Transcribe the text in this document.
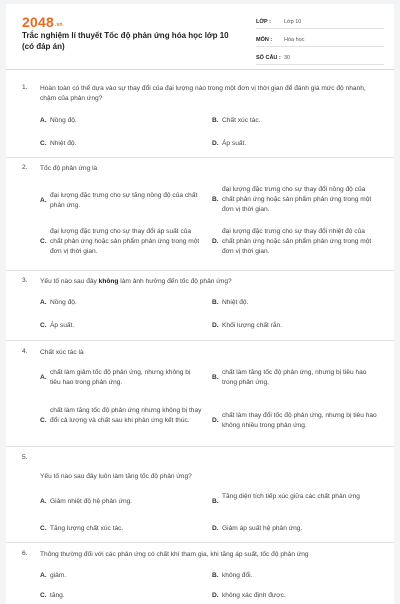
2048.vn
Trắc nghiệm lí thuyết Tốc độ phản ứng hóa học lớp 10 (có đáp án)
LỚP :	Lớp 10
MÔN :	Hóa học
SỐ CÂU : 30
1. Hoàn toàn có thể dựa vào sự thay đổi của đại lượng nào trong một đơn vị thời gian để đánh giá mức độ nhanh, chậm của phản ứng?
A. Nồng độ.	B. Chất xúc tác.
C. Nhiệt độ.	D. Áp suất.
2. Tốc độ phản ứng là
A.
đại lượng đặc trưng cho sự tăng nồng độ của chất phản ứng.
B.
đại lượng đặc trưng cho sự thay đổi nồng độ của chất phản ứng hoặc sản phẩm phản ứng trong một đơn vị thời gian.
C.
đại lượng đặc trưng cho sự thay đổi áp suất của chất phản ứng hoặc sản phẩm phản ứng trong một đơn vị thời gian.
D.
đại lượng đặc trưng cho sự thay đổi nhiệt độ của chất phản ứng hoặc sản phẩm phản ứng trong một đơn vị thời gian.
3. Yếu tố nào sau đây không làm ảnh hưởng đến tốc độ phản ứng?
A. Nồng độ.	B. Nhiệt độ.
C. Áp suất.	D. Khối lượng chất rắn.
4. Chất xúc tác là
A.
chất làm giảm tốc độ phản ứng, nhưng không bị tiêu hao trong phản ứng.
B.
chất làm tăng tốc độ phản ứng, nhưng bị tiêu hao trong phản ứng.
C.
chất làm tăng tốc độ phản ứng nhưng không bị thay đổi cả lượng và chất sau khi phản ứng kết thúc.	D.
chất làm thay đổi tốc độ phản ứng, nhưng bị tiêu hao không nhiều trong phản ứng.
5.
Yếu tố nào sau đây luôn làm tăng tốc độ phản ứng?
A. Giảm nhiệt độ hệ phản ứng.	B.
Tăng diện tích tiếp xúc giữa các chất phản ứng
C. Tăng lượng chất xúc tác.	D. Giảm áp suất hệ phản ứng.
6. Thông thường đối với các phản ứng có chất khí tham gia, khi tăng áp suất, tốc độ phản ứng
A. giảm.	B. không đổi.
C. tăng.	D. không xác định được.
